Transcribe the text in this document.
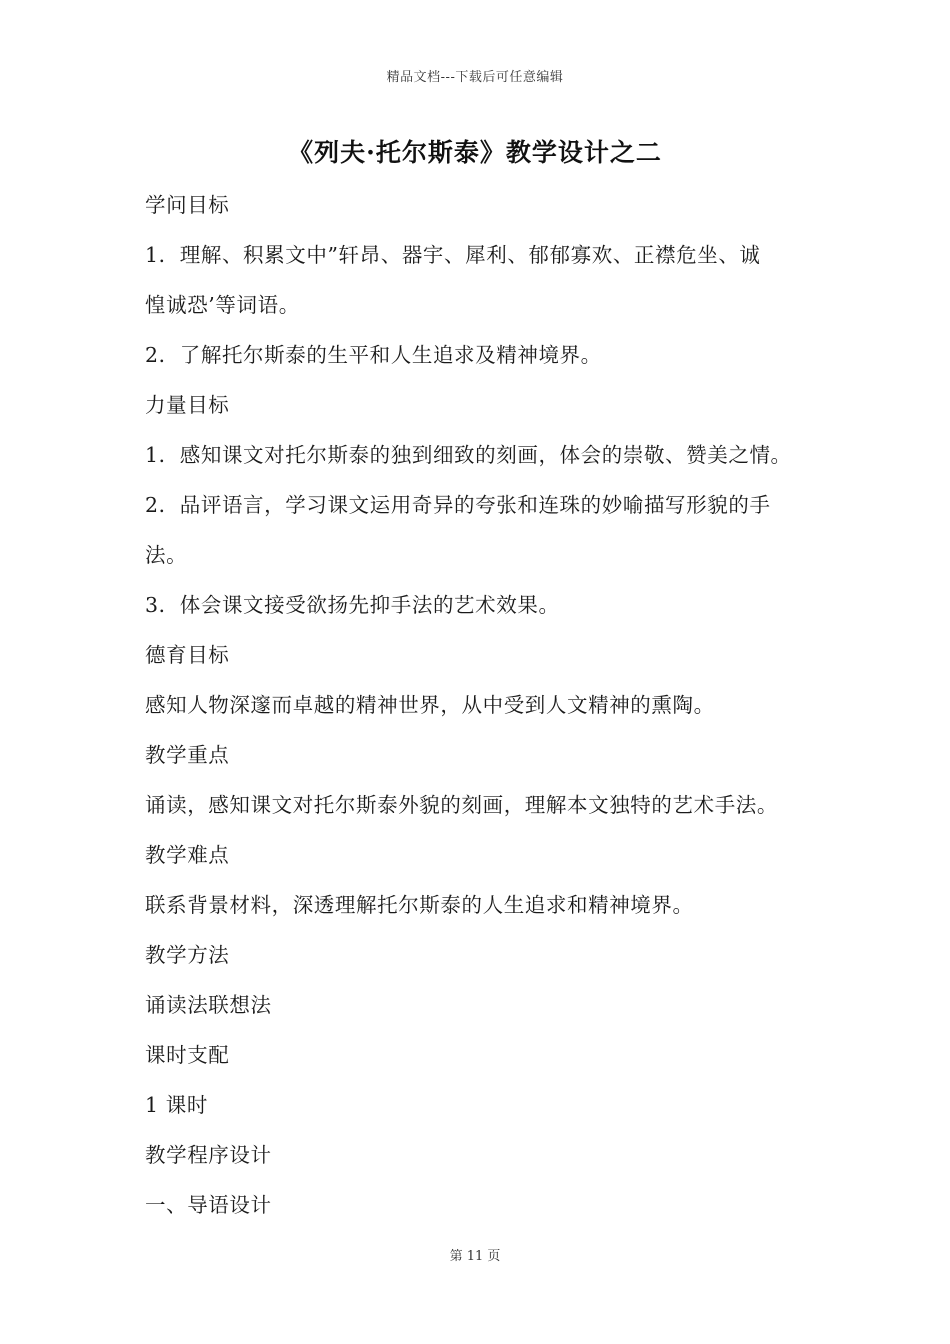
精品文档---下载后可任意编辑
《列夫·托尔斯泰》教学设计之二
学问目标
1．理解、积累文中”轩昂、器宇、犀利、郁郁寡欢、正襟危坐、诚
惶诚恐’等词语。
2．了解托尔斯泰的生平和人生追求及精神境界。
力量目标
1．感知课文对托尔斯泰的独到细致的刻画，体会的崇敬、赞美之情。
2．品评语言，学习课文运用奇异的夸张和连珠的妙喻描写形貌的手
法。
3．体会课文接受欲扬先抑手法的艺术效果。
德育目标
感知人物深邃而卓越的精神世界，从中受到人文精神的熏陶。
教学重点
诵读，感知课文对托尔斯泰外貌的刻画，理解本文独特的艺术手法。
教学难点
联系背景材料，深透理解托尔斯泰的人生追求和精神境界。
教学方法
诵读法联想法
课时支配
1 课时
教学程序设计
一、导语设计
第 11 页
